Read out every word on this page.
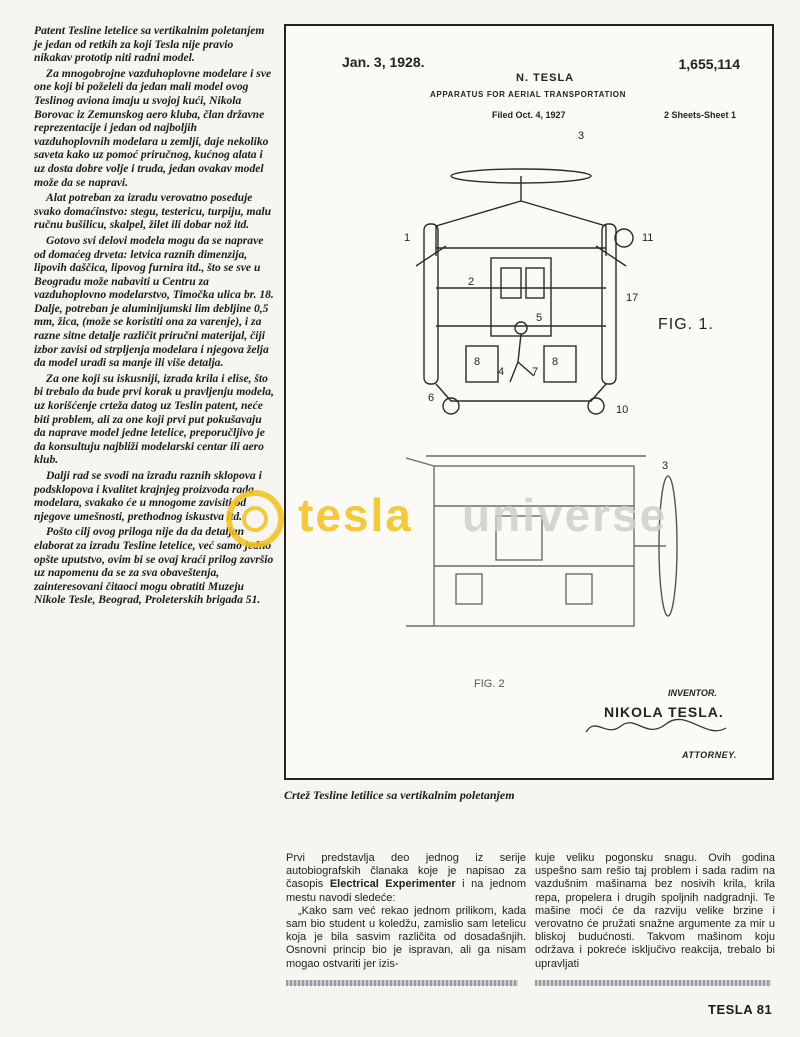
Patent Tesline letelice sa vertikalnim poletanjem je jedan od retkih za koji Tesla nije pravio nikakav prototip niti radni model.

Za mnogobrojne vazduhoplovne modelare i sve one koji bi poželeli da jedan mali model ovog Teslinog aviona imaju u svojoj kući, Nikola Borovac iz Zemunskog aero kluba, član državne reprezentacije i jedan od najboljih vazduhoplovnih modelara u zemlji, daje nekoliko saveta kako uz pomoć priručnog, kućnog alata i uz dosta dobre volje i truda, jedan ovakav model može da se napravi.

Alat potreban za izradu verovatno poseduje svako domaćinstvo: stegu, testericu, turpiju, malu ručnu bušilicu, skalpel, žilet ili dobar nož itd.

Gotovo svi delovi modela mogu da se naprave od domaćeg drveta: letvica raznih dimenzija, lipovih daščica, lipovog furnira itd., što se sve u Beogradu može nabaviti u Centru za vazduhoplovno modelarstvo, Timočka ulica br. 18. Dalje, potreban je aluminijumski lim debljine 0,5 mm, žica, (može se koristiti ona za varenje), i za razne sitne detalje različit priručni materijal, čiji izbor zavisi od strpljenja modelara i njegova želja da model uradi sa manje ili više detalja.

Za one koji su iskusniji, izrada krila i elise, što bi trebalo da bude prvi korak u pravljenju modela, uz korišćenje crteža datog uz Teslin patent, neće biti problem, ali za one koji prvi put pokušavaju da naprave model jedne letelice, preporučljivo je da konsultuju najbliži modelarski centar ili aero klub.

Dalji rad se svodi na izradu raznih sklopova i podsklopova i kvalitet krajnjeg proizvoda rada modelara, svakako će u mnogome zavisiti od njegove umešnosti, prethodnog iskustva itd.

Pošto cilj ovog priloga nije da da detaljan elaborat za izradu Tesline letelice, već samo jedno opšte uputstvo, ovim bi se ovaj kraći prilog završio uz napomenu da se za sva obaveštenja, zainteresovani čitaoci mogu obratiti Muzeju Nikole Tesle, Beograd, Proleterskih brigada 51.

Jan. 3, 1928.
N. TESLA
1,655,114
APPARATUS FOR AERIAL TRANSPORTATION
Filed Oct. 4, 1927	2 Sheets-Sheet 1
FIG. 1.
FIG. 2
INVENTOR.
NIKOLA TESLA.
ATTORNEY.
3
1	11
2
17
5
8	8
4	7
6
10
3
tesla universe
Crtež Tesline letilice sa vertikalnim poletanjem

Prvi predstavlja deo jednog iz serije autobiografskih članaka koje je napisao za časopis Electrical Experimenter i na jednom mestu navodi sledeće:

„Kako sam već rekao jednom prilikom, kada sam bio student u koledžu, zamislio sam letelicu koja je bila sasvim različita od dosadašnjih. Osnovni princip bio je ispravan, ali ga nisam mogao ostvariti jer izis-

kuje veliku pogonsku snagu. Ovih godina uspešno sam rešio taj problem i sada radim na vazdušnim mašinama bez nosivih krila, krila repa, propelera i drugih spoljnih nadgradnji. Te mašine moći će da razviju velike brzine i verovatno će pružati snažne argumente za mir u bliskoj budućnosti. Takvom mašinom koju održava i pokreće isključivo reakcija, trebalo bi upravljati

TESLA 81
